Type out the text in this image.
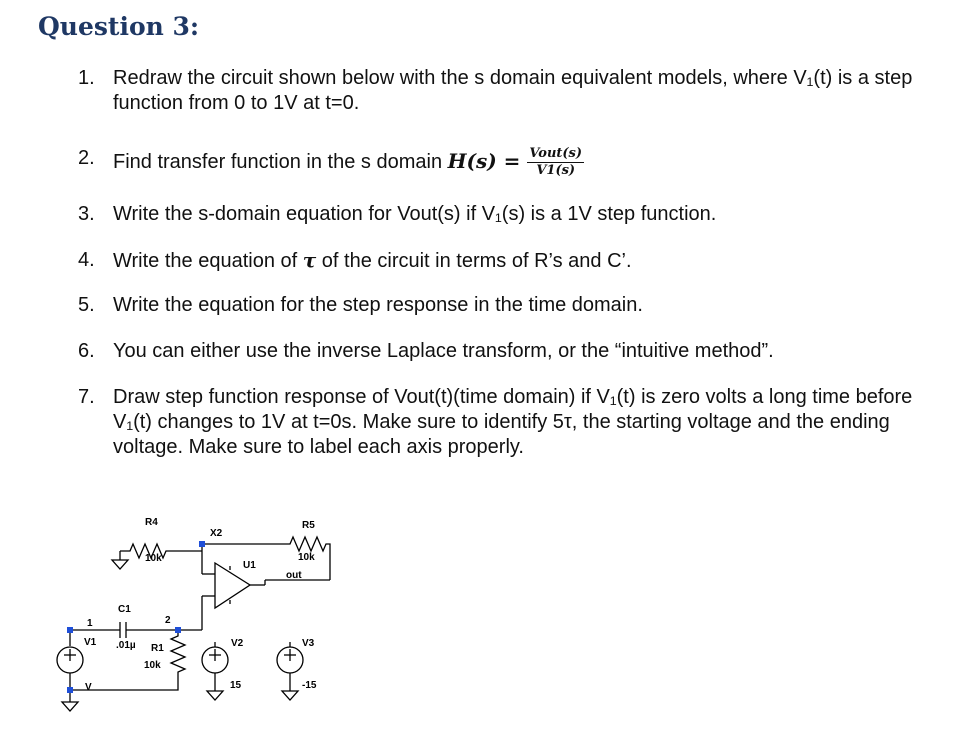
Question 3:
1. Redraw the circuit shown below with the s domain equivalent models, where V₁(t) is a step function from 0 to 1V at t=0.
2. Find transfer function in the s domain $H(s) = \frac{\text{Vout(s)}}{V1(s)}$
3. Write the s-domain equation for Vout(s) if V₁(s) is a 1V step function.
4. Write the equation of τ of the circuit in terms of R’s and C’.
5. Write the equation for the step response in the time domain.
6. You can either use the inverse Laplace transform, or the “intuitive method”.
7. Draw step function response of Vout(t)(time domain) if V₁(t) is zero volts a long time before V₁(t) changes to 1V at t=0s. Make sure to identify 5τ, the starting voltage and the ending voltage. Make sure to label each axis properly.
R4
10k
X2
U1
R5
10k
out
C1
.01µ R1
10k
1	2
V1
V
V2
15
V3
-15
